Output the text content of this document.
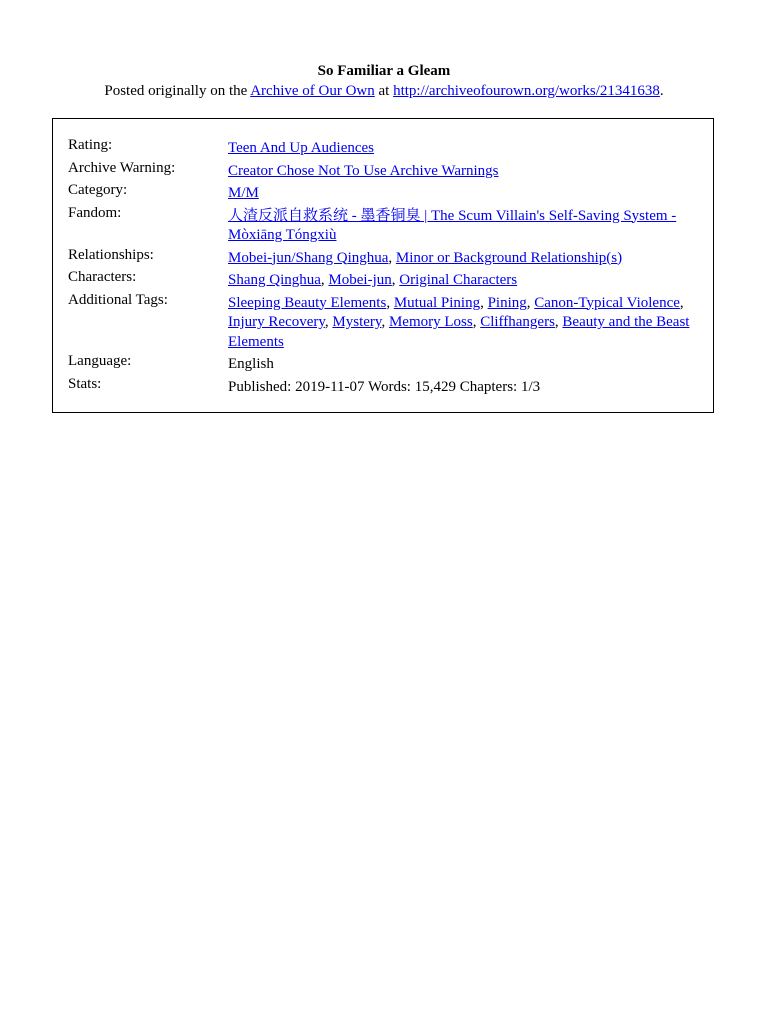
So Familiar a Gleam
Posted originally on the Archive of Our Own at http://archiveofourown.org/works/21341638.
Rating:	Teen And Up Audiences
Archive Warning:	Creator Chose Not To Use Archive Warnings
Category:	M/M
Fandom:	人渣反派自救系统 - 墨香铜臭 | The Scum Villain's Self-Saving System - Mòxiāng Tóngxiù
Relationships:	Mobei-jun/Shang Qinghua, Minor or Background Relationship(s)
Characters:	Shang Qinghua, Mobei-jun, Original Characters
Additional Tags:	Sleeping Beauty Elements, Mutual Pining, Pining, Canon-Typical Violence, Injury Recovery, Mystery, Memory Loss, Cliffhangers, Beauty and the Beast Elements
Language:	English
Stats:	Published: 2019-11-07 Words: 15,429 Chapters: 1/3
